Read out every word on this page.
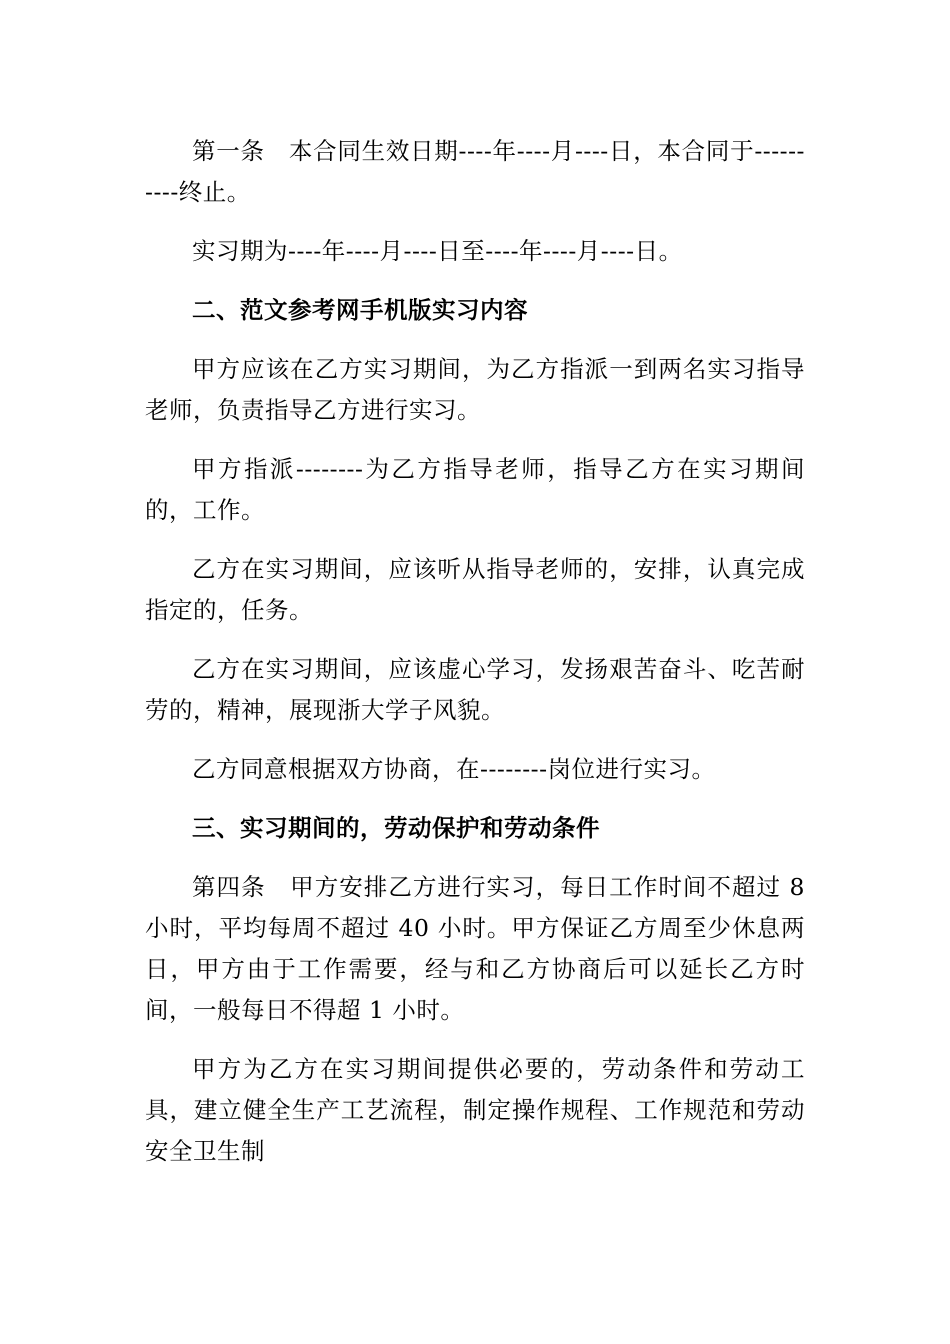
第一条　本合同生效日期----年----月----日，本合同于----------终止。

实习期为----年----月----日至----年----月----日。

二、范文参考网手机版实习内容

甲方应该在乙方实习期间，为乙方指派一到两名实习指导老师，负责指导乙方进行实习。

甲方指派--------为乙方指导老师，指导乙方在实习期间的，工作。

乙方在实习期间，应该听从指导老师的，安排，认真完成指定的，任务。

乙方在实习期间，应该虚心学习，发扬艰苦奋斗、吃苦耐劳的，精神，展现浙大学子风貌。

乙方同意根据双方协商，在--------岗位进行实习。

三、实习期间的，劳动保护和劳动条件

第四条　甲方安排乙方进行实习，每日工作时间不超过 8 小时，平均每周不超过 40 小时。甲方保证乙方周至少休息两日，甲方由于工作需要，经与和乙方协商后可以延长乙方时间，一般每日不得超 1 小时。

甲方为乙方在实习期间提供必要的，劳动条件和劳动工具，建立健全生产工艺流程，制定操作规程、工作规范和劳动安全卫生制
